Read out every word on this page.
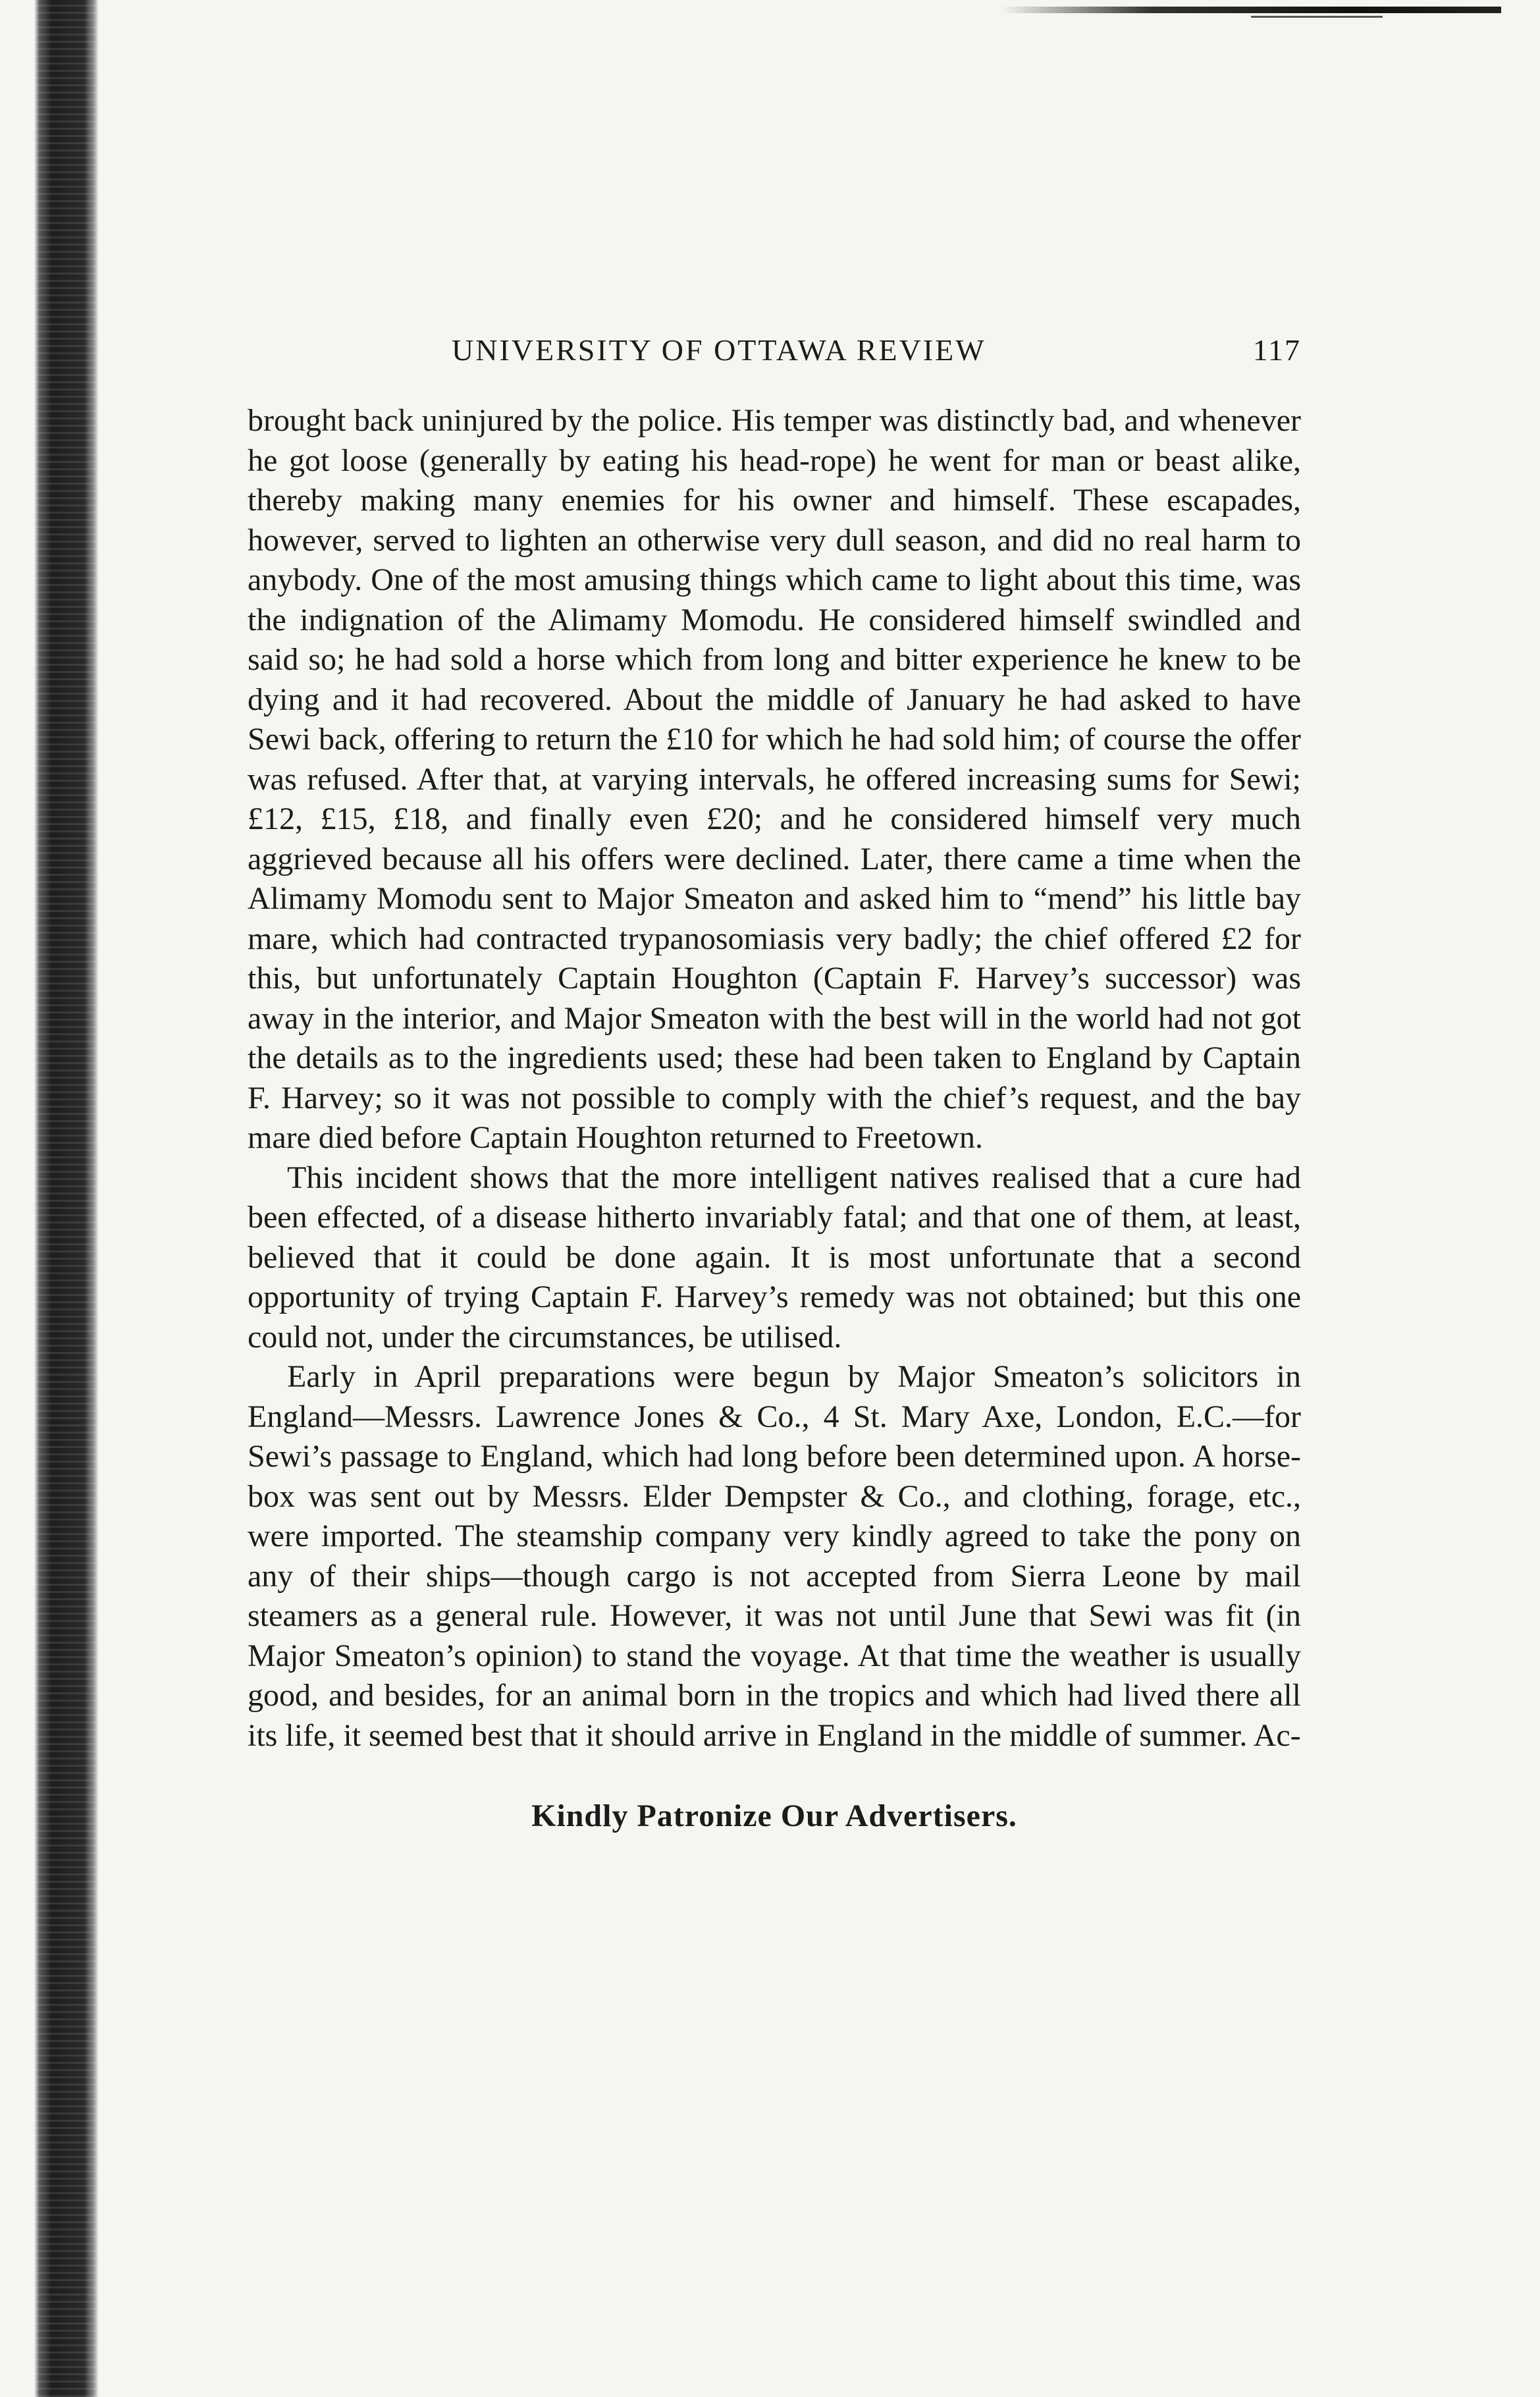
UNIVERSITY OF OTTAWA REVIEW	117

brought back uninjured by the police. His temper was distinctly bad, and whenever he got loose (generally by eating his head-rope) he went for man or beast alike, thereby making many enemies for his owner and himself. These escapades, however, served to lighten an otherwise very dull season, and did no real harm to anybody. One of the most amusing things which came to light about this time, was the indignation of the Alimamy Momodu. He considered himself swindled and said so; he had sold a horse which from long and bitter experience he knew to be dying and it had recovered. About the middle of January he had asked to have Sewi back, offering to return the £10 for which he had sold him; of course the offer was refused. After that, at varying intervals, he offered increasing sums for Sewi; £12, £15, £18, and finally even £20; and he considered himself very much aggrieved because all his offers were declined. Later, there came a time when the Alimamy Momodu sent to Major Smeaton and asked him to “mend” his little bay mare, which had contracted trypanosomiasis very badly; the chief offered £2 for this, but unfortunately Captain Houghton (Captain F. Harvey’s successor) was away in the interior, and Major Smeaton with the best will in the world had not got the details as to the ingredients used; these had been taken to England by Captain F. Harvey; so it was not possible to comply with the chief’s request, and the bay mare died before Captain Houghton returned to Freetown.

This incident shows that the more intelligent natives realised that a cure had been effected, of a disease hitherto invariably fatal; and that one of them, at least, believed that it could be done again. It is most unfortunate that a second opportunity of trying Captain F. Harvey’s remedy was not obtained; but this one could not, under the circumstances, be utilised.

Early in April preparations were begun by Major Smeaton’s solicitors in England—Messrs. Lawrence Jones & Co., 4 St. Mary Axe, London, E.C.—for Sewi’s passage to England, which had long before been determined upon. A horse-box was sent out by Messrs. Elder Dempster & Co., and clothing, forage, etc., were imported. The steamship company very kindly agreed to take the pony on any of their ships—though cargo is not accepted from Sierra Leone by mail steamers as a general rule. However, it was not until June that Sewi was fit (in Major Smeaton’s opinion) to stand the voyage. At that time the weather is usually good, and besides, for an animal born in the tropics and which had lived there all its life, it seemed best that it should arrive in England in the middle of summer. Ac-

Kindly Patronize Our Advertisers.
